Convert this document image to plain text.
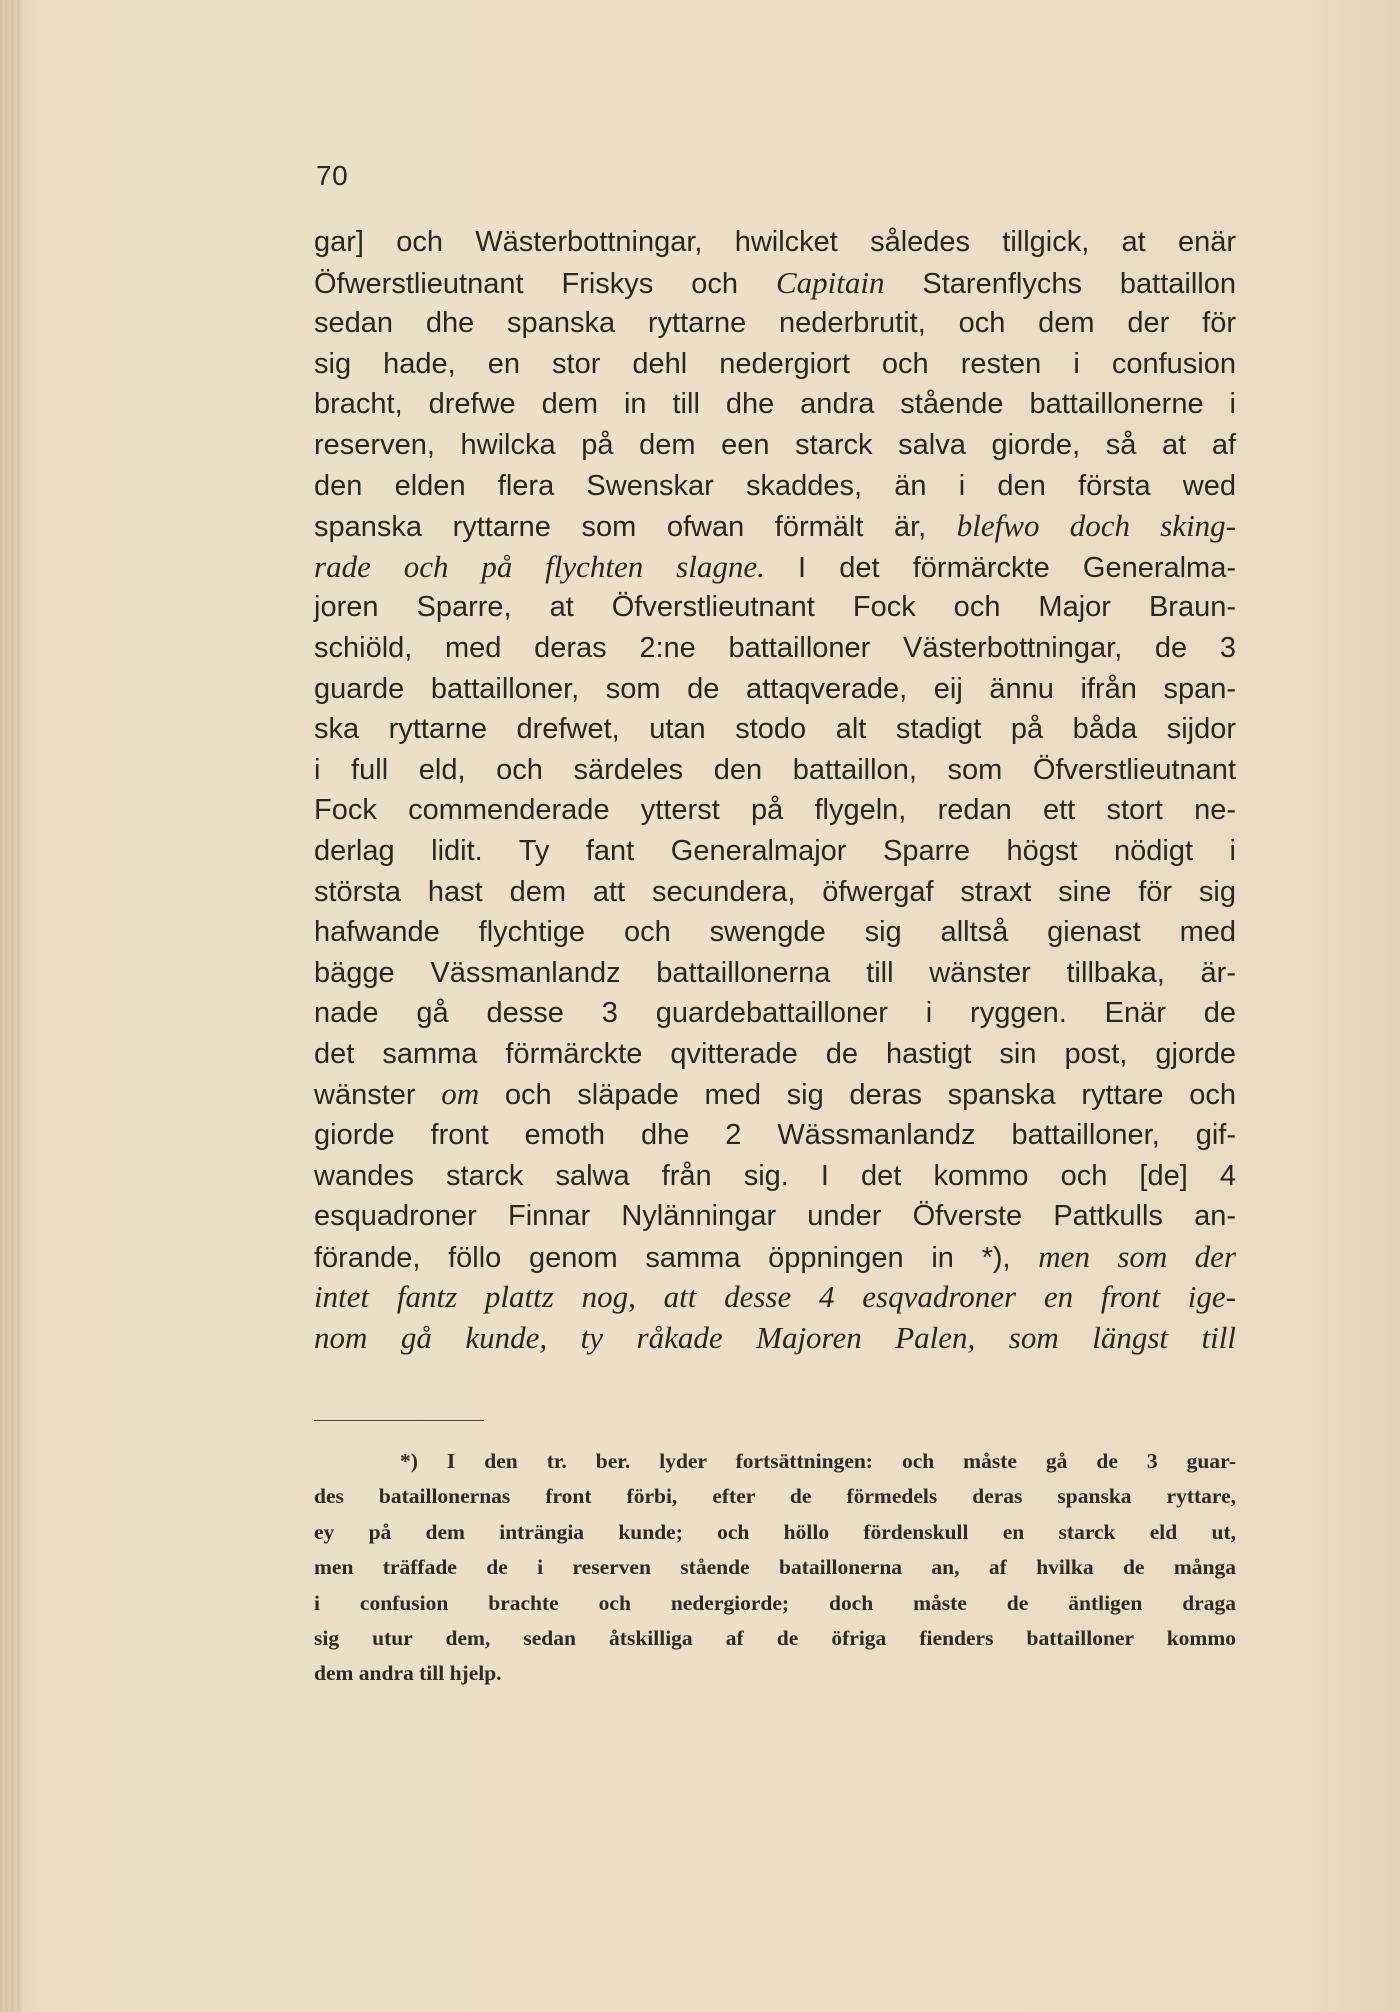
70
gar] och Wästerbottningar, hwilcket således tillgick, at enär
Öfwerstlieutnant Friskys och Capitain Starenflychs battaillon
sedan dhe spanska ryttarne nederbrutit, och dem der för
sig hade, en stor dehl nedergiort och resten i confusion
bracht, drefwe dem in till dhe andra stående battaillonerne i
reserven, hwilcka på dem een starck salva giorde, så at af
den elden flera Swenskar skaddes, än i den första wed
spanska ryttarne som ofwan förmält är, blefwo doch sking-
rade och på flychten slagne. I det förmärckte Generalma-
joren Sparre, at Öfverstlieutnant Fock och Major Braun-
schiöld, med deras 2:ne battailloner Västerbottningar, de 3
guarde battailloner, som de attaqverade, eij ännu ifrån span-
ska ryttarne drefwet, utan stodo alt stadigt på båda sijdor
i full eld, och särdeles den battaillon, som Öfverstlieutnant
Fock commenderade ytterst på flygeln, redan ett stort ne-
derlag lidit. Ty fant Generalmajor Sparre högst nödigt i
största hast dem att secundera, öfwergaf straxt sine för sig
hafwande flychtige och swengde sig alltså gienast med
bägge Vässmanlandz battaillonerna till wänster tillbaka, är-
nade gå desse 3 guardebattailloner i ryggen. Enär de
det samma förmärckte qvitterade de hastigt sin post, gjorde
wänster om och släpade med sig deras spanska ryttare och
giorde front emoth dhe 2 Wässmanlandz battailloner, gif-
wandes starck salwa från sig. I det kommo och [de] 4
esquadroner Finnar Nylänningar under Öfverste Pattkulls an-
förande, föllo genom samma öppningen in *), men som der
intet fantz plattz nog, att desse 4 esqvadroner en front ige-
nom gå kunde, ty råkade Majoren Palen, som längst till
*) I den tr. ber. lyder fortsättningen: och måste gå de 3 guar-
des bataillonernas front förbi, efter de förmedels deras spanska ryttare,
ey på dem inträngia kunde; och höllo fördenskull en starck eld ut,
men träffade de i reserven stående bataillonerna an, af hvilka de många
i confusion brachte och nedergiorde; doch måste de äntligen draga
sig utur dem, sedan åtskilliga af de öfriga fienders battailloner kommo
dem andra till hjelp.
